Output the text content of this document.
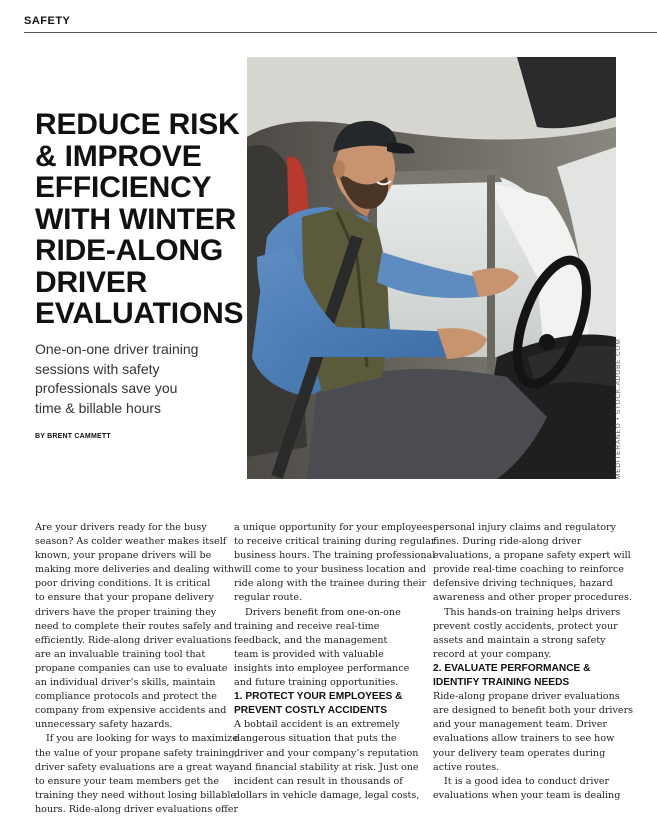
SAFETY
REDUCE RISK
& IMPROVE
EFFICIENCY
WITH WINTER
RIDE-ALONG
DRIVER
EVALUATIONS
One-on-one driver training
sessions with safety
professionals save you
time & billable hours
BY BRENT CAMMETT	MEDITERANEO • STOCK.ADOBE.COM
Are your drivers ready for the busy
season? As colder weather makes itself
known, your propane drivers will be
making more deliveries and dealing with
poor driving conditions. It is critical
to ensure that your propane delivery
drivers have the proper training they
need to complete their routes safely and
efficiently. Ride-along driver evaluations
are an invaluable training tool that
propane companies can use to evaluate
an individual driver’s skills, maintain
compliance protocols and protect the
company from expensive accidents and
unnecessary safety hazards.
If you are looking for ways to maximize
the value of your propane safety training,
driver safety evaluations are a great way
to ensure your team members get the
training they need without losing billable
hours. Ride-along driver evaluations offer
a unique opportunity for your employees
to receive critical training during regular
business hours. The training professional
will come to your business location and
ride along with the trainee during their
regular route.
Drivers benefit from one-on-one
training and receive real-time
feedback, and the management
team is provided with valuable
insights into employee performance
and future training opportunities.
1. PROTECT YOUR EMPLOYEES &
PREVENT COSTLY ACCIDENTS
A bobtail accident is an extremely
dangerous situation that puts the
driver and your company’s reputation
and financial stability at risk. Just one
incident can result in thousands of
dollars in vehicle damage, legal costs,
personal injury claims and regulatory
fines. During ride-along driver
evaluations, a propane safety expert will
provide real-time coaching to reinforce
defensive driving techniques, hazard
awareness and other proper procedures.
This hands-on training helps drivers
prevent costly accidents, protect your
assets and maintain a strong safety
record at your company.
2. EVALUATE PERFORMANCE &
IDENTIFY TRAINING NEEDS
Ride-along propane driver evaluations
are designed to benefit both your drivers
and your management team. Driver
evaluations allow trainers to see how
your delivery team operates during
active routes.
It is a good idea to conduct driver
evaluations when your team is dealing
